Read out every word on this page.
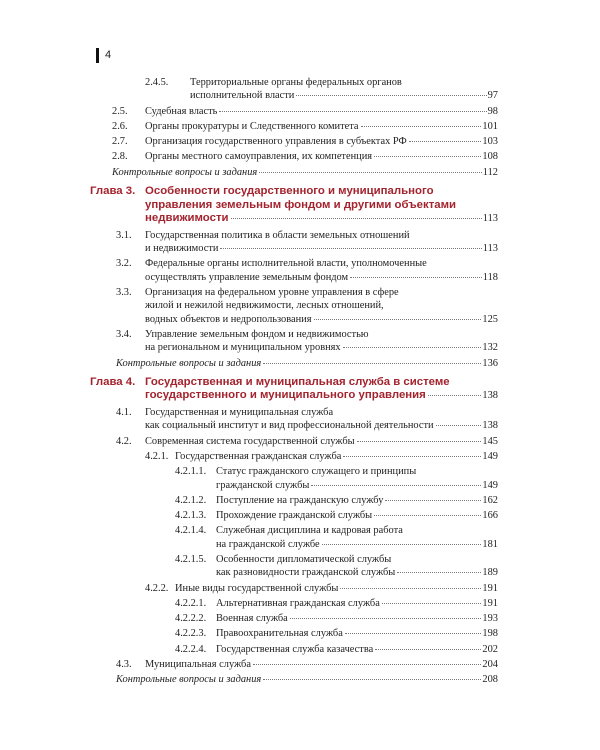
4
2.4.5.	Территориальные органы федеральных органов
исполнительной власти	97
2.5. Судебная власть	98
2.6. Органы прокуратуры и Следственного комитета	101
2.7. Организация государственного управления в субъектах РФ	103
2.8. Органы местного самоуправления, их компетенция	108
Контрольные вопросы и задания	112
Глава 3. Особенности государственного и муниципального
управления земельным фондом и другими объектами
недвижимости	113
3.1.	Государственная политика в области земельных отношений
и недвижимости	113
3.2.	Федеральные органы исполнительной власти, уполномоченные
осуществлять управление земельным фондом	118
3.3.	Организация на федеральном уровне управления в сфере
жилой и нежилой недвижимости, лесных отношений,
водных объектов и недропользования	125
3.4.	Управление земельным фондом и недвижимостью
на региональном и муниципальном уровнях	132
Контрольные вопросы и задания	136
Глава 4. Государственная и муниципальная служба в системе
государственного и муниципального управления	138
4.1.	Государственная и муниципальная служба
как социальный институт и вид профессиональной деятельности	138
4.2. Современная система государственной службы	145
4.2.1. Государственная гражданская служба	149
4.2.1.1. Статус гражданского служащего и принципы
гражданской службы	149
4.2.1.2. Поступление на гражданскую службу	162
4.2.1.3. Прохождение гражданской службы	166
4.2.1.4. Служебная дисциплина и кадровая работа
на гражданской службе	181
4.2.1.5. Особенности дипломатической службы
как разновидности гражданской службы	189
4.2.2. Иные виды государственной службы	191
4.2.2.1. Альтернативная гражданская служба	191
4.2.2.2. Военная служба	193
4.2.2.3. Правоохранительная служба	198
4.2.2.4. Государственная служба казачества	202
4.3. Муниципальная служба	204
Контрольные вопросы и задания	208
